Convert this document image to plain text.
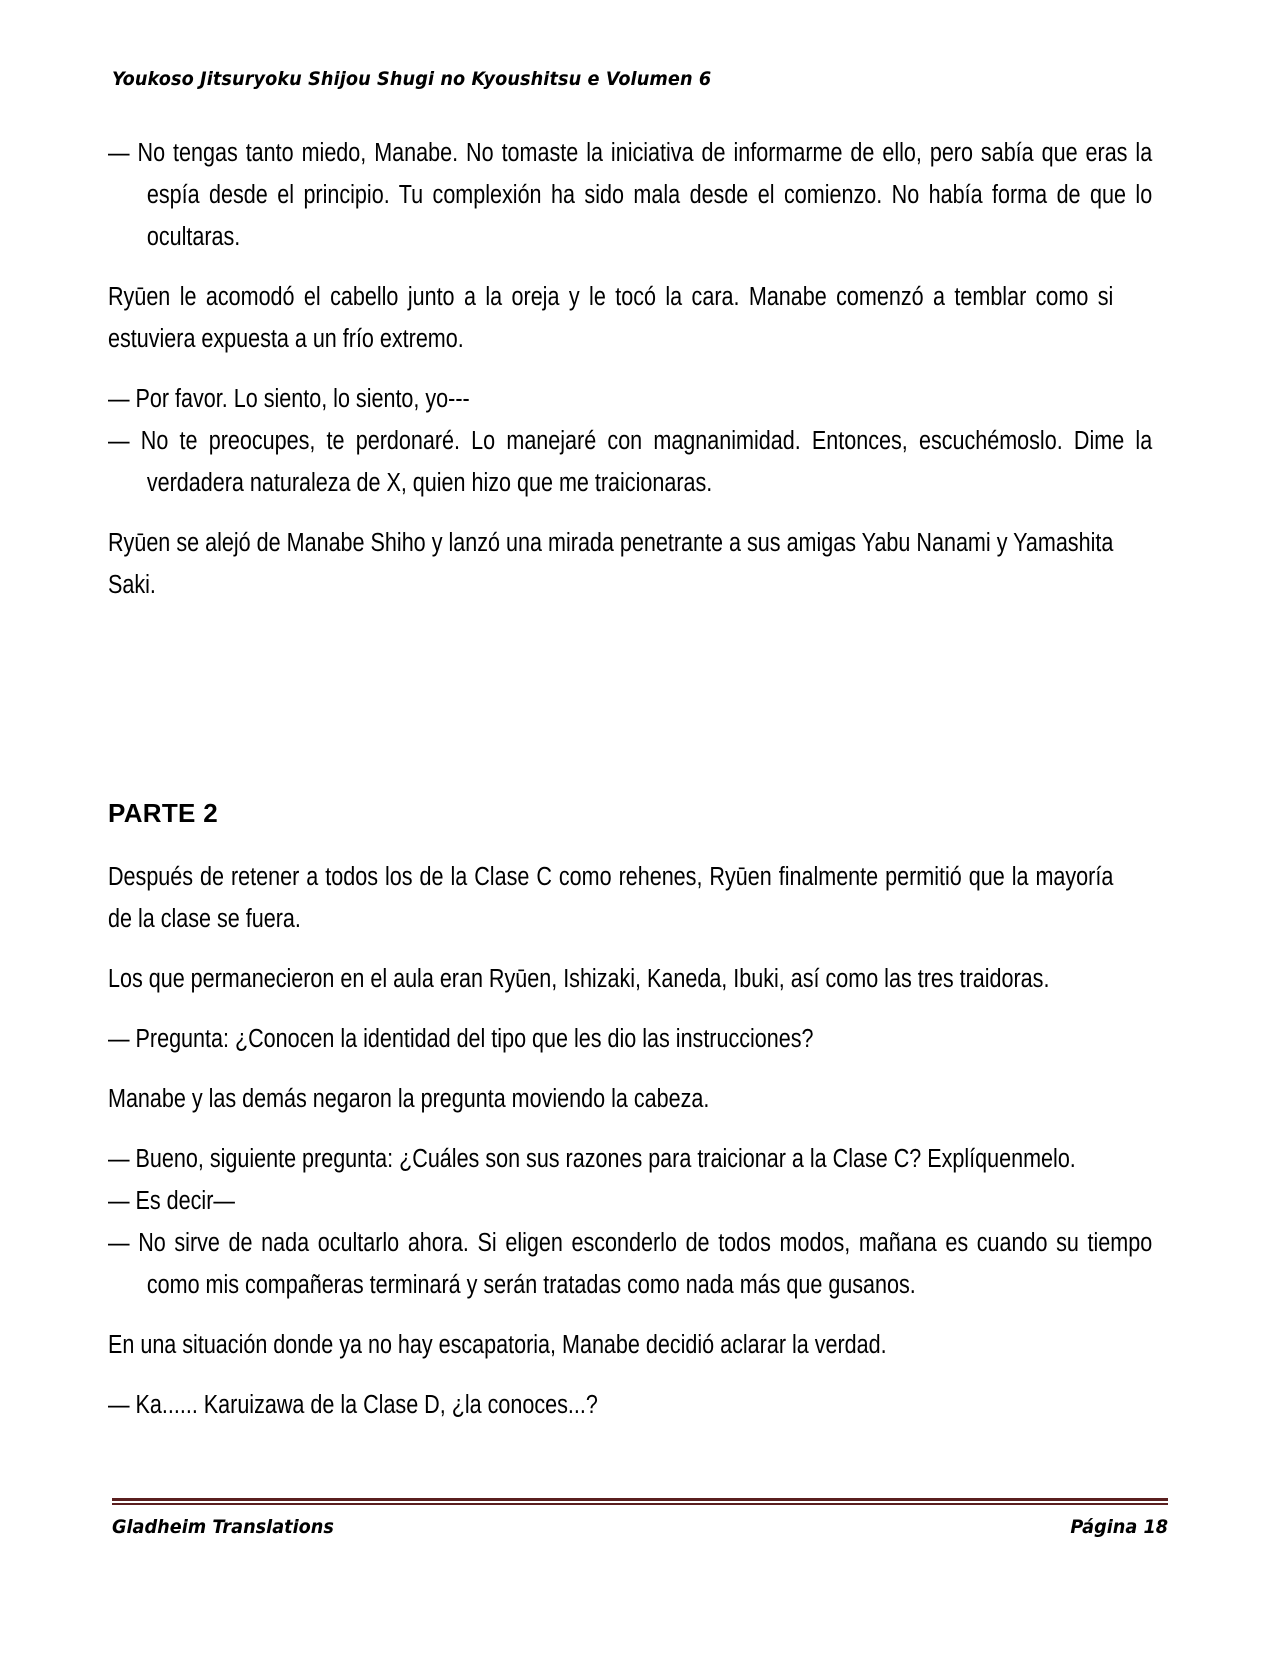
Youkoso Jitsuryoku Shijou Shugi no Kyoushitsu e Volumen 6

— No tengas tanto miedo, Manabe. No tomaste la iniciativa de informarme de ello, pero sabía que eras la espía desde el principio. Tu complexión ha sido mala desde el comienzo. No había forma de que lo ocultaras.

Ryūen le acomodó el cabello junto a la oreja y le tocó la cara. Manabe comenzó a temblar como si estuviera expuesta a un frío extremo.

— Por favor. Lo siento, lo siento, yo---

— No te preocupes, te perdonaré. Lo manejaré con magnanimidad. Entonces, escuchémoslo. Dime la verdadera naturaleza de X, quien hizo que me traicionaras.

Ryūen se alejó de Manabe Shiho y lanzó una mirada penetrante a sus amigas Yabu Nanami y Yamashita Saki.

PARTE 2

Después de retener a todos los de la Clase C como rehenes, Ryūen finalmente permitió que la mayoría de la clase se fuera.

Los que permanecieron en el aula eran Ryūen, Ishizaki, Kaneda, Ibuki, así como las tres traidoras.

— Pregunta: ¿Conocen la identidad del tipo que les dio las instrucciones?

Manabe y las demás negaron la pregunta moviendo la cabeza.

— Bueno, siguiente pregunta: ¿Cuáles son sus razones para traicionar a la Clase C? Explíquenmelo.

— Es decir—

— No sirve de nada ocultarlo ahora. Si eligen esconderlo de todos modos, mañana es cuando su tiempo como mis compañeras terminará y serán tratadas como nada más que gusanos.

En una situación donde ya no hay escapatoria, Manabe decidió aclarar la verdad.

— Ka...... Karuizawa de la Clase D, ¿la conoces...?

Gladheim Translations	Página 18
